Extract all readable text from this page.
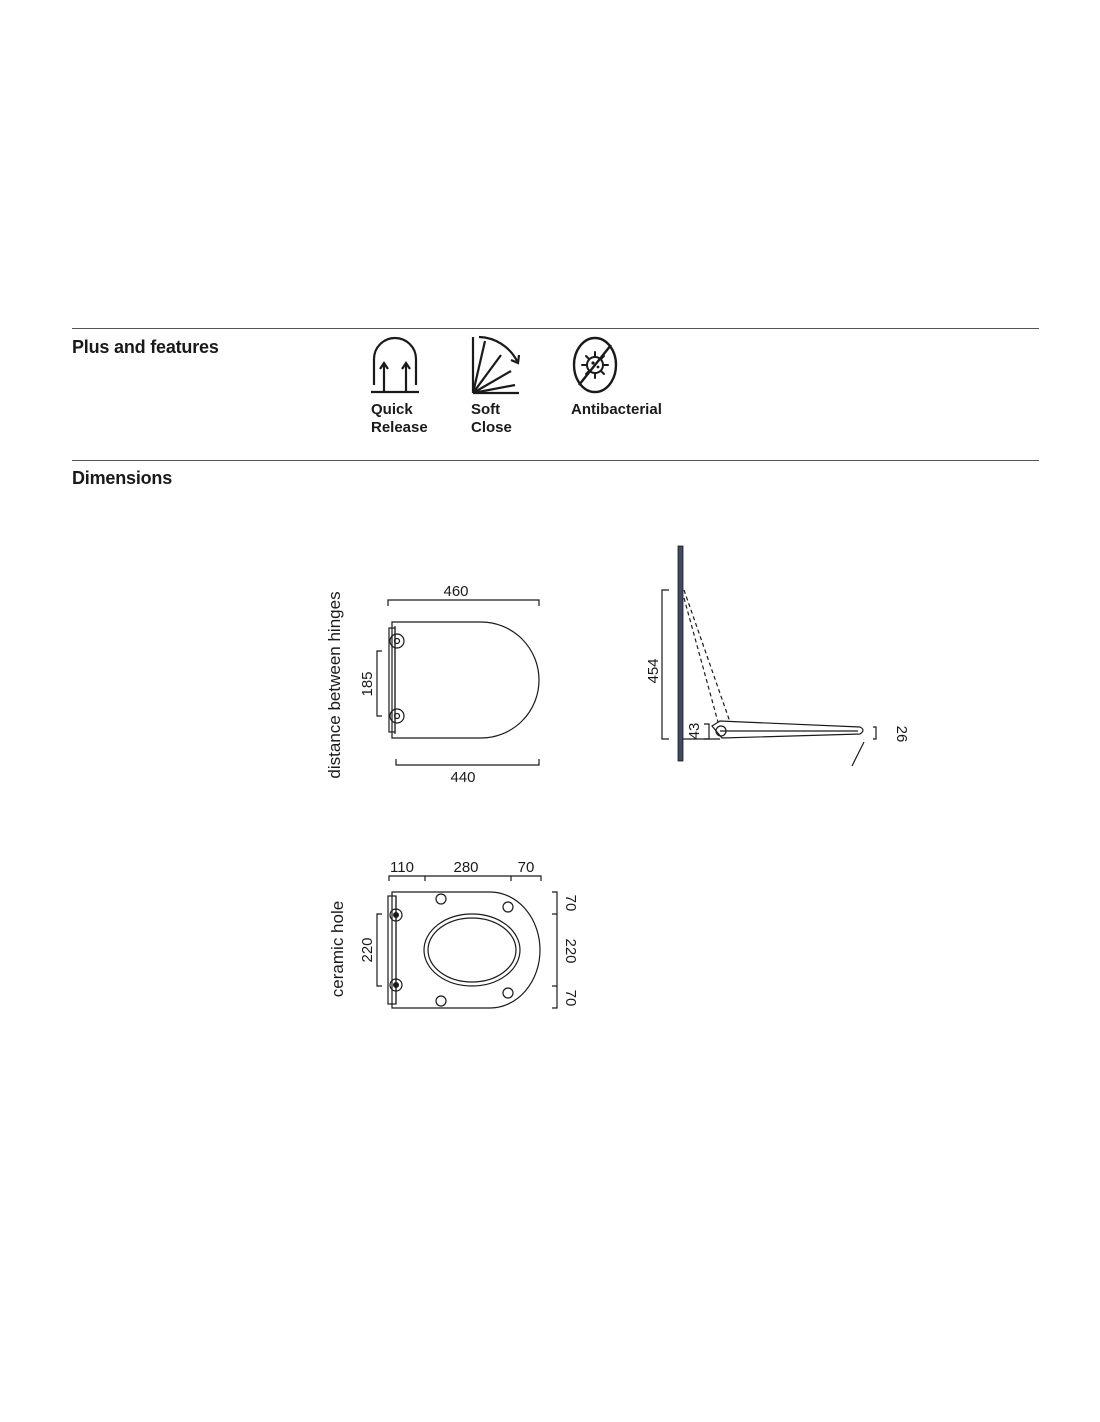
Plus and features
Quick
Release
Soft
Close
Antibacterial
Dimensions
460
440
185
distance between hinges	454
43	26
110	280	70
70
220
70
220
ceramic hole
